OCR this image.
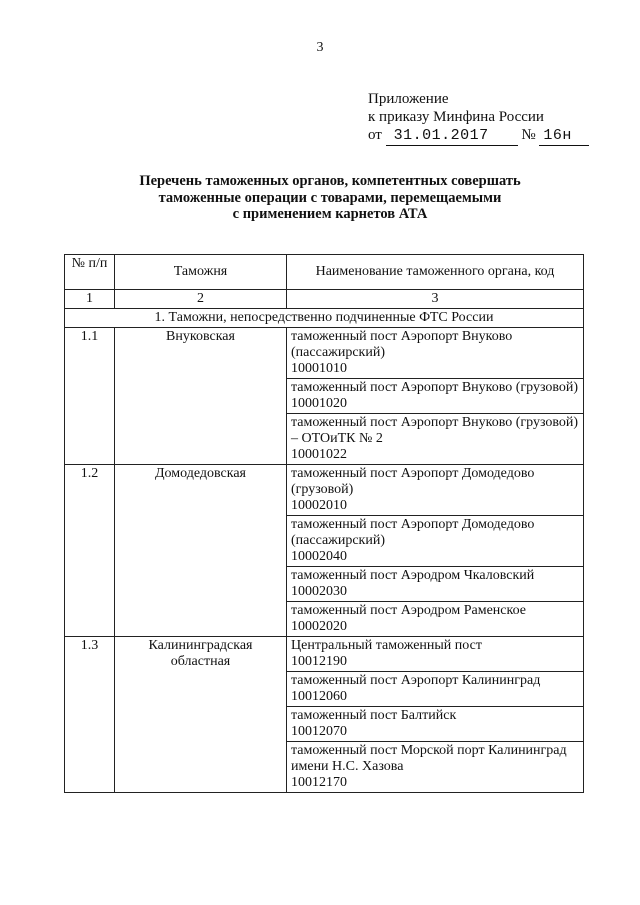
3
Приложение
к приказу Минфина России
от 31.01.2017 № 16н
Перечень таможенных органов, компетентных совершать
таможенные операции с товарами, перемещаемыми
с применением карнетов АТА
№ п/п	Таможня	Наименование таможенного органа, код
1	2	3
1. Таможни, непосредственно подчиненные ФТС России		
1.1	Внуковская	таможенный пост Аэропорт Внуково (пассажирский)
10001010

		таможенный пост Аэропорт Внуково (грузовой)
10001020

		таможенный пост Аэропорт Внуково (грузовой) – ОТОиТК № 2
10001022

1.2	Домодедовская	таможенный пост Аэропорт Домодедово (грузовой)
10002010

		таможенный пост Аэропорт Домодедово (пассажирский)
10002040

		таможенный пост Аэродром Чкаловский
10002030

		таможенный пост Аэродром Раменское
10002020

1.3	Калининградская областная	Центральный таможенный пост
10012190

		таможенный пост Аэропорт Калининград
10012060

		таможенный пост Балтийск
10012070

		таможенный пост Морской порт Калининград имени Н.С. Хазова
10012170
